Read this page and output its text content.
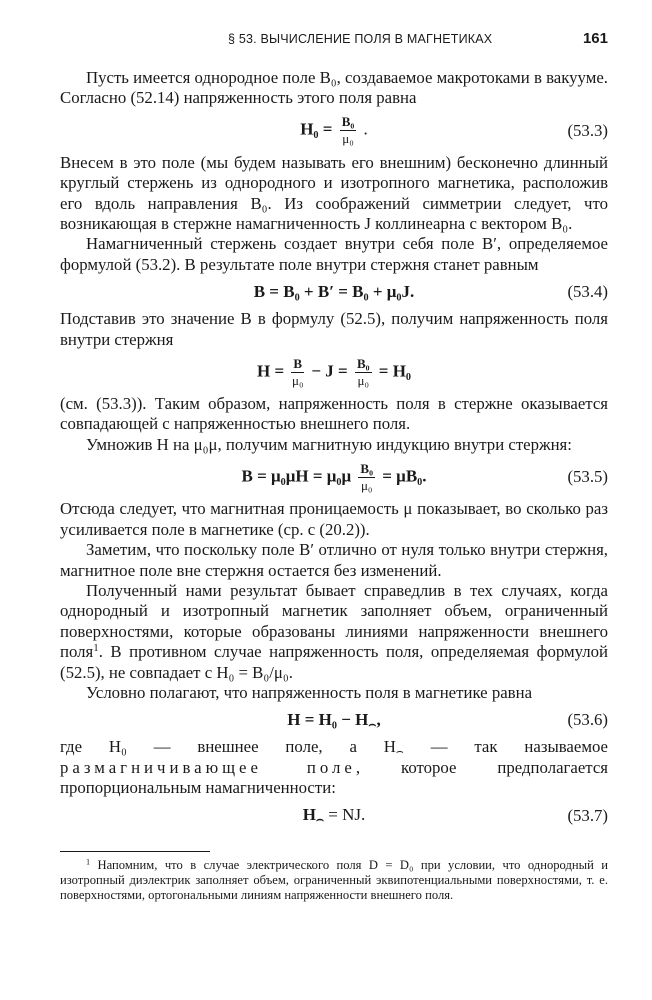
§ 53. ВЫЧИСЛЕНИЕ ПОЛЯ В МАГНЕТИКАХ	161

Пусть имеется однородное поле B₀, создаваемое макротоками в вакууме. Согласно (52.14) напряженность этого поля равна

$H_0 = \frac{\text{B₀}}{\text{μ₀}}$ .	(53.3)

Внесем в это поле (мы будем называть его внешним) бесконечно длинный круглый стержень из однородного и изотропного магнетика, расположив его вдоль направления B₀. Из соображений симметрии следует, что возникающая в стержне намагниченность J коллинеарна с вектором B₀.

Намагниченный стержень создает внутри себя поле B′, определяемое формулой (53.2). В результате поле внутри стержня станет равным

B = B₀ + B′ = B₀ + μ₀J.	(53.4)

Подставив это значение B в формулу (52.5), получим напряженность поля внутри стержня

$H = \frac{B}{\text{μ₀}} - J = \frac{\text{B₀}}{\text{μ₀}} = H_0$

(см. (53.3)). Таким образом, напряженность поля в стержне оказывается совпадающей с напряженностью внешнего поля.

Умножив H на μ₀μ, получим магнитную индукцию внутри стержня:

$B = \mu_0\mu H = \mu_0\mu \frac{\text{B₀}}{\text{μ₀}} = \mu B_0$.	(53.5)

Отсюда следует, что магнитная проницаемость μ показывает, во сколько раз усиливается поле в магнетике (ср. с (20.2)).

Заметим, что поскольку поле B′ отлично от нуля только внутри стержня, магнитное поле вне стержня остается без изменений.

Полученный нами результат бывает справедлив в тех случаях, когда однородный и изотропный магнетик заполняет объем, ограниченный поверхностями, которые образованы линиями напряженности внешнего поля$^1$. В противном случае напряженность поля, определяемая формулой (52.5), не совпадает с H₀ = B₀/μ₀.

Условно полагают, что напряженность поля в магнетике равна

$H = H_0 - H_⌢$,	(53.6)

где H₀ — внешнее поле, а $H_⌢$ — так называемое размагничивающее поле, которое предполагается пропорциональным намагниченности:

$H_⌢$ = NJ.	(53.7)

$^1$ Напомним, что в случае электрического поля D = D₀ при условии, что однородный и изотропный диэлектрик заполняет объем, ограниченный эквипотенциальными поверхностями, т. е. поверхностями, ортогональными линиям напряженности внешнего поля.
